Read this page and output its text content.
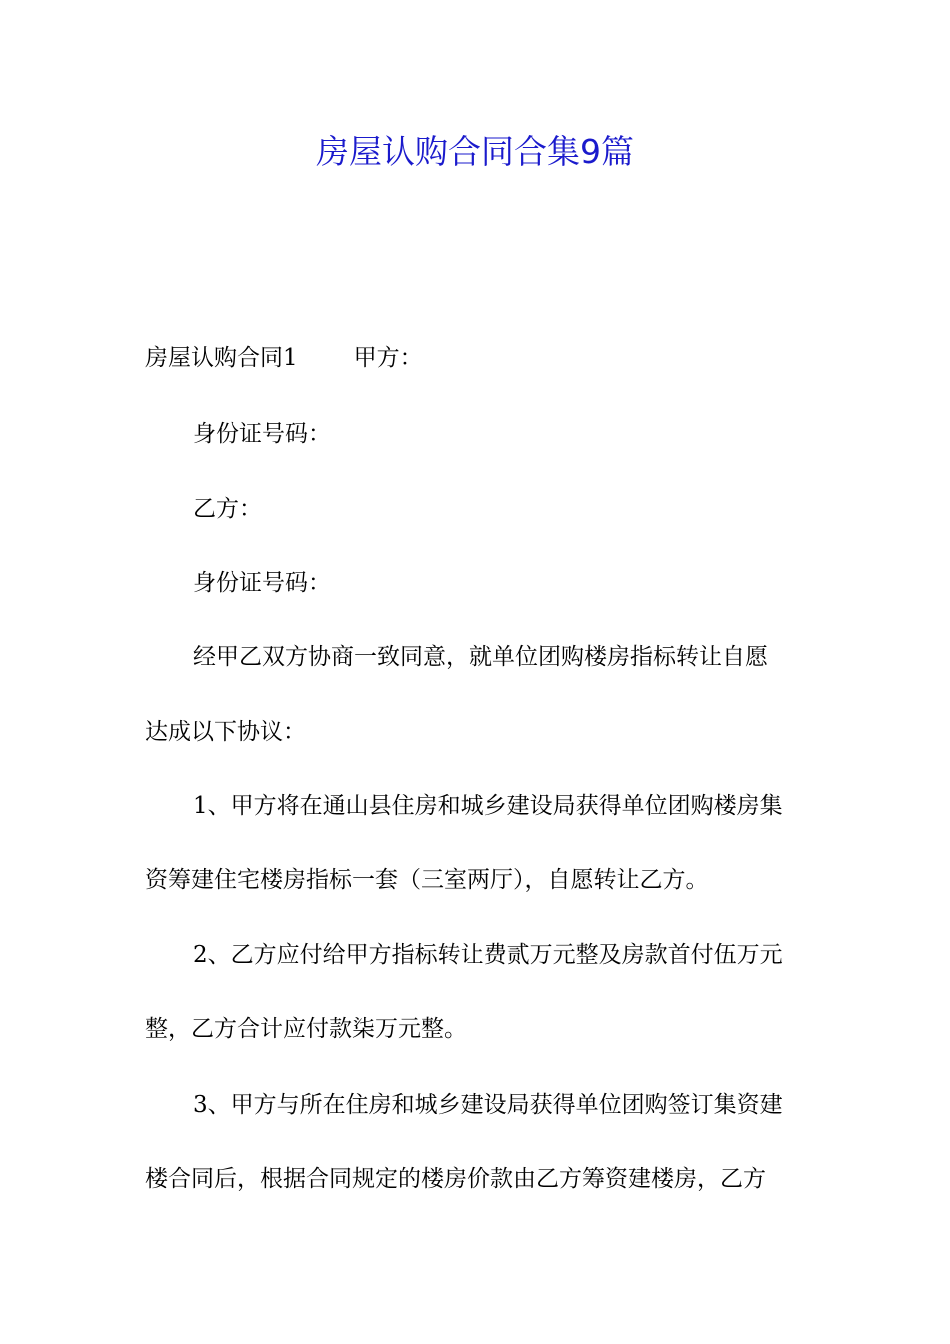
房屋认购合同合集9篇
房屋认购合同1 甲方：
身份证号码：
乙方：
身份证号码：
经甲乙双方协商一致同意，就单位团购楼房指标转让自愿
达成以下协议：
1、甲方将在通山县住房和城乡建设局获得单位团购楼房集
资筹建住宅楼房指标一套（三室两厅），自愿转让乙方。
2、乙方应付给甲方指标转让费贰万元整及房款首付伍万元
整，乙方合计应付款柒万元整。
3、甲方与所在住房和城乡建设局获得单位团购签订集资建
楼合同后，根据合同规定的楼房价款由乙方筹资建楼房，乙方
